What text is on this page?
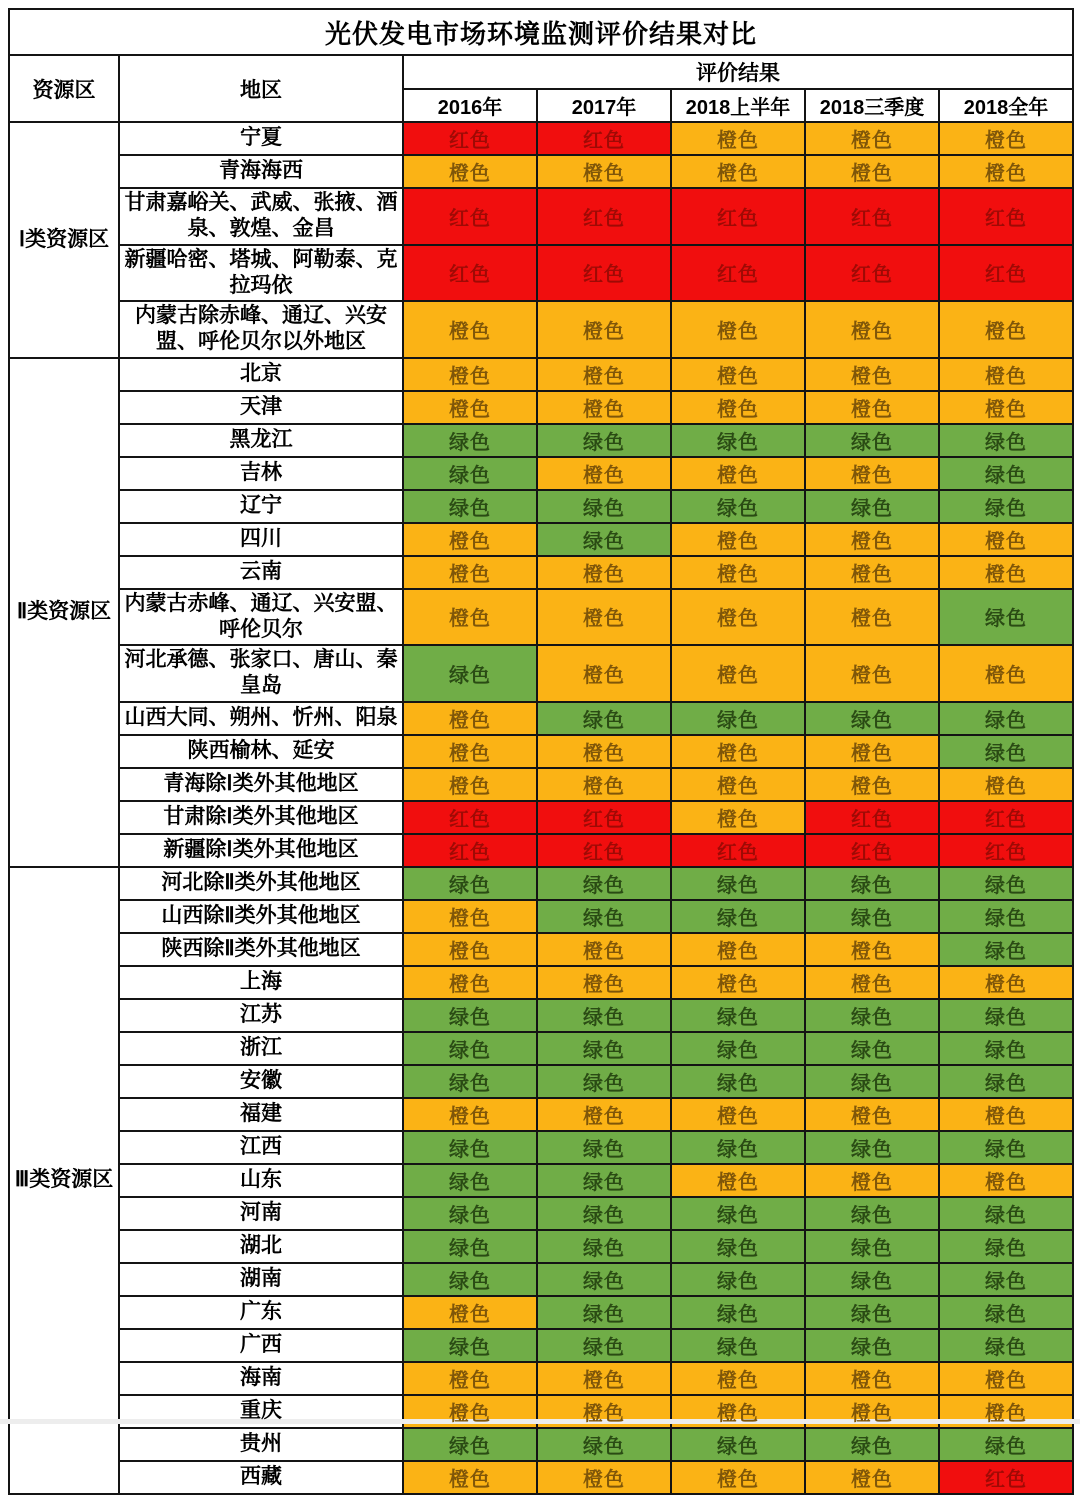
光伏发电市场环境监测评价结果对比						
资源区	地区	评价结果				
		2016年	2017年	2018上半年	2018三季度	2018全年
Ⅰ类资源区	宁夏	红色	红色	橙色	橙色	橙色
	青海海西	橙色	橙色	橙色	橙色	橙色
	甘肃嘉峪关、武威、张掖、酒泉、敦煌、金昌	红色	红色	红色	红色	红色
	新疆哈密、塔城、阿勒泰、克拉玛依	红色	红色	红色	红色	红色
	内蒙古除赤峰、通辽、兴安盟、呼伦贝尔以外地区	橙色	橙色	橙色	橙色	橙色
Ⅱ类资源区	北京	橙色	橙色	橙色	橙色	橙色
	天津	橙色	橙色	橙色	橙色	橙色
	黑龙江	绿色	绿色	绿色	绿色	绿色
	吉林	绿色	橙色	橙色	橙色	绿色
	辽宁	绿色	绿色	绿色	绿色	绿色
	四川	橙色	绿色	橙色	橙色	橙色
	云南	橙色	橙色	橙色	橙色	橙色
	内蒙古赤峰、通辽、兴安盟、呼伦贝尔	橙色	橙色	橙色	橙色	绿色
	河北承德、张家口、唐山、秦皇岛	绿色	橙色	橙色	橙色	橙色
	山西大同、朔州、忻州、阳泉	橙色	绿色	绿色	绿色	绿色
	陕西榆林、延安	橙色	橙色	橙色	橙色	绿色
	青海除Ⅰ类外其他地区	橙色	橙色	橙色	橙色	橙色
	甘肃除Ⅰ类外其他地区	红色	红色	橙色	红色	红色
	新疆除Ⅰ类外其他地区	红色	红色	红色	红色	红色
Ⅲ类资源区	河北除Ⅱ类外其他地区	绿色	绿色	绿色	绿色	绿色
	山西除Ⅱ类外其他地区	橙色	绿色	绿色	绿色	绿色
	陕西除Ⅱ类外其他地区	橙色	橙色	橙色	橙色	绿色
	上海	橙色	橙色	橙色	橙色	橙色
	江苏	绿色	绿色	绿色	绿色	绿色
	浙江	绿色	绿色	绿色	绿色	绿色
	安徽	绿色	绿色	绿色	绿色	绿色
	福建	橙色	橙色	橙色	橙色	橙色
	江西	绿色	绿色	绿色	绿色	绿色
	山东	绿色	绿色	橙色	橙色	橙色
	河南	绿色	绿色	绿色	绿色	绿色
	湖北	绿色	绿色	绿色	绿色	绿色
	湖南	绿色	绿色	绿色	绿色	绿色
	广东	橙色	绿色	绿色	绿色	绿色
	广西	绿色	绿色	绿色	绿色	绿色
	海南	橙色	橙色	橙色	橙色	橙色
	重庆	橙色	橙色	橙色	橙色	橙色
	贵州	绿色	绿色	绿色	绿色	绿色
	西藏	橙色	橙色	橙色	橙色	红色
